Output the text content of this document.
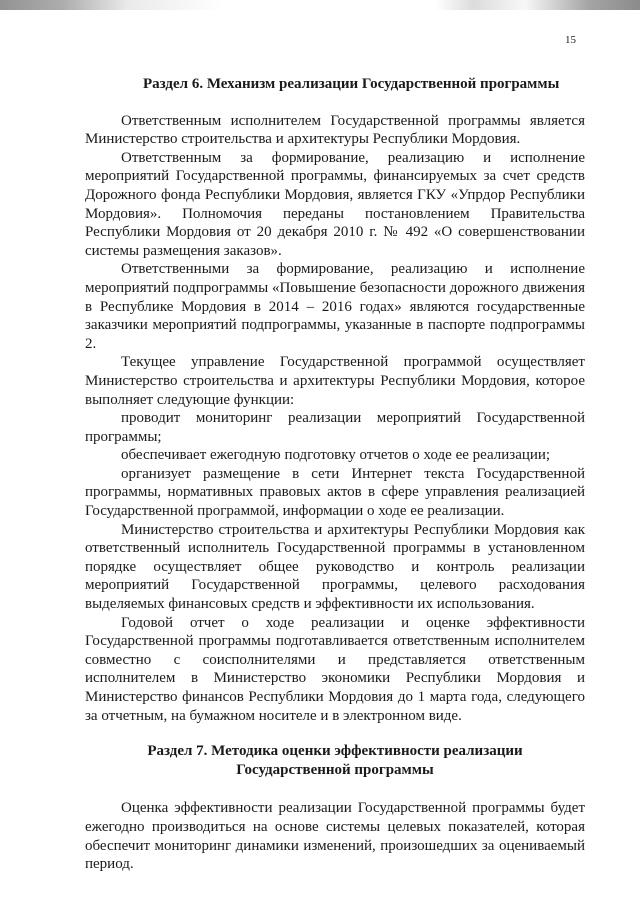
15
Раздел 6. Механизм реализации Государственной программы

Ответственным исполнителем Государственной программы является Министерство строительства и архитектуры Республики Мордовия.

Ответственным за формирование, реализацию и исполнение мероприятий Государственной программы, финансируемых за счет средств Дорожного фонда Республики Мордовия, является ГКУ «Упрдор Республики Мордовия». Полномочия переданы постановлением Правительства Республики Мордовия от 20 декабря 2010 г. № 492 «О совершенствовании системы размещения заказов».

Ответственными за формирование, реализацию и исполнение мероприятий подпрограммы «Повышение безопасности дорожного движения в Республике Мордовия в 2014 – 2016 годах» являются государственные заказчики мероприятий подпрограммы, указанные в паспорте подпрограммы 2.

Текущее управление Государственной программой осуществляет Министерство строительства и архитектуры Республики Мордовия, которое выполняет следующие функции:

проводит мониторинг реализации мероприятий Государственной программы;

обеспечивает ежегодную подготовку отчетов о ходе ее реализации;

организует размещение в сети Интернет текста Государственной программы, нормативных правовых актов в сфере управления реализацией Государственной программой, информации о ходе ее реализации.

Министерство строительства и архитектуры Республики Мордовия как ответственный исполнитель Государственной программы в установленном порядке осуществляет общее руководство и контроль реализации мероприятий Государственной программы, целевого расходования выделяемых финансовых средств и эффективности их использования.

Годовой отчет о ходе реализации и оценке эффективности Государственной программы подготавливается ответственным исполнителем совместно с соисполнителями и представляется ответственным исполнителем в Министерство экономики Республики Мордовия и Министерство финансов Республики Мордовия до 1 марта года, следующего за отчетным, на бумажном носителе и в электронном виде.

Раздел 7. Методика оценки эффективности реализации
Государственной программы

Оценка эффективности реализации Государственной программы будет ежегодно производиться на основе системы целевых показателей, которая обеспечит мониторинг динамики изменений, произошедших за оцениваемый период.
